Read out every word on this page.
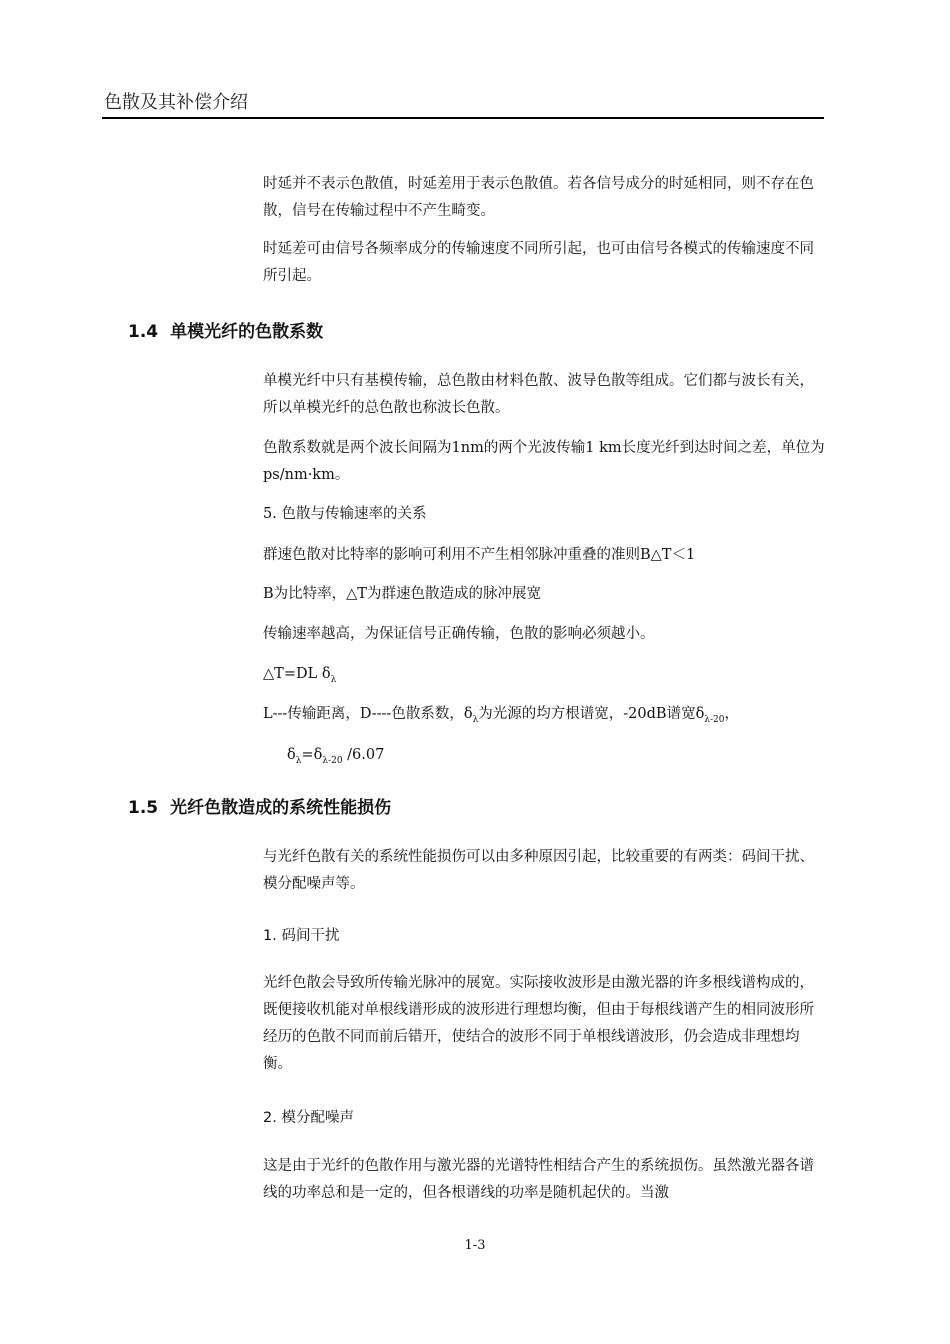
色散及其补偿介绍

时延并不表示色散值，时延差用于表示色散值。若各信号成分的时延相同，则不存在色散，信号在传输过程中不产生畸变。

时延差可由信号各频率成分的传输速度不同所引起，也可由信号各模式的传输速度不同所引起。

1.4 单模光纤的色散系数

单模光纤中只有基模传输，总色散由材料色散、波导色散等组成。它们都与波长有关，所以单模光纤的总色散也称波长色散。

色散系数就是两个波长间隔为1nm的两个光波传输1 km长度光纤到达时间之差，单位为ps/nm·km。

5. 色散与传输速率的关系

群速色散对比特率的影响可利用不产生相邻脉冲重叠的准则B△T＜1

B为比特率，△T为群速色散造成的脉冲展宽

传输速率越高，为保证信号正确传输，色散的影响必须越小。

△T=DL $\delta_\lambda$

L---传输距离，D----色散系数，$\delta_\lambda$为光源的均方根谱宽，-20dB谱宽$\delta_{\lambda-20}$，

$\delta_\lambda=\delta_{\lambda-20}$ /6.07

1.5 光纤色散造成的系统性能损伤

与光纤色散有关的系统性能损伤可以由多种原因引起，比较重要的有两类：码间干扰、模分配噪声等。

1. 码间干扰

光纤色散会导致所传输光脉冲的展宽。实际接收波形是由激光器的许多根线谱构成的，既便接收机能对单根线谱形成的波形进行理想均衡，但由于每根线谱产生的相同波形所经历的色散不同而前后错开，使结合的波形不同于单根线谱波形，仍会造成非理想均衡。

2. 模分配噪声

这是由于光纤的色散作用与激光器的光谱特性相结合产生的系统损伤。虽然激光器各谱线的功率总和是一定的，但各根谱线的功率是随机起伏的。当激

1-3
